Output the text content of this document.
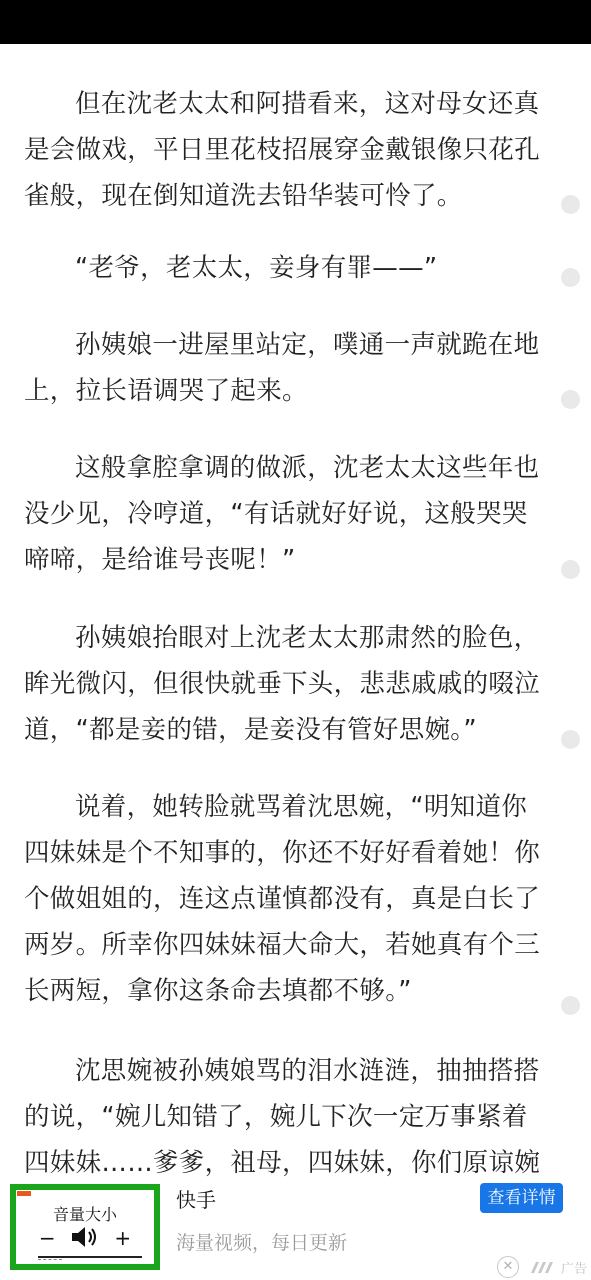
但在沈老太太和阿措看来，这对母女还真是会做戏，平日里花枝招展穿金戴银像只花孔雀般，现在倒知道洗去铅华装可怜了。

“老爷，老太太，妾身有罪——”

孙姨娘一进屋里站定，噗通一声就跪在地上，拉长语调哭了起来。

这般拿腔拿调的做派，沈老太太这些年也没少见，冷哼道，“有话就好好说，这般哭哭啼啼，是给谁号丧呢！”

孙姨娘抬眼对上沈老太太那肃然的脸色，眸光微闪，但很快就垂下头，悲悲戚戚的啜泣道，“都是妾的错，是妾没有管好思婉。”

说着，她转脸就骂着沈思婉，“明知道你四妹妹是个不知事的，你还不好好看着她！你个做姐姐的，连这点谨慎都没有，真是白长了两岁。所幸你四妹妹福大命大，若她真有个三长两短，拿你这条命去填都不够。”

沈思婉被孙姨娘骂的泪水涟涟，抽抽搭搭的说，“婉儿知错了，婉儿下次一定万事紧着四妹妹……爹爹，祖母，四妹妹，你们原谅婉

音量大小
−	+
快手
海量视频，每日更新
查看详情
✕	广告
